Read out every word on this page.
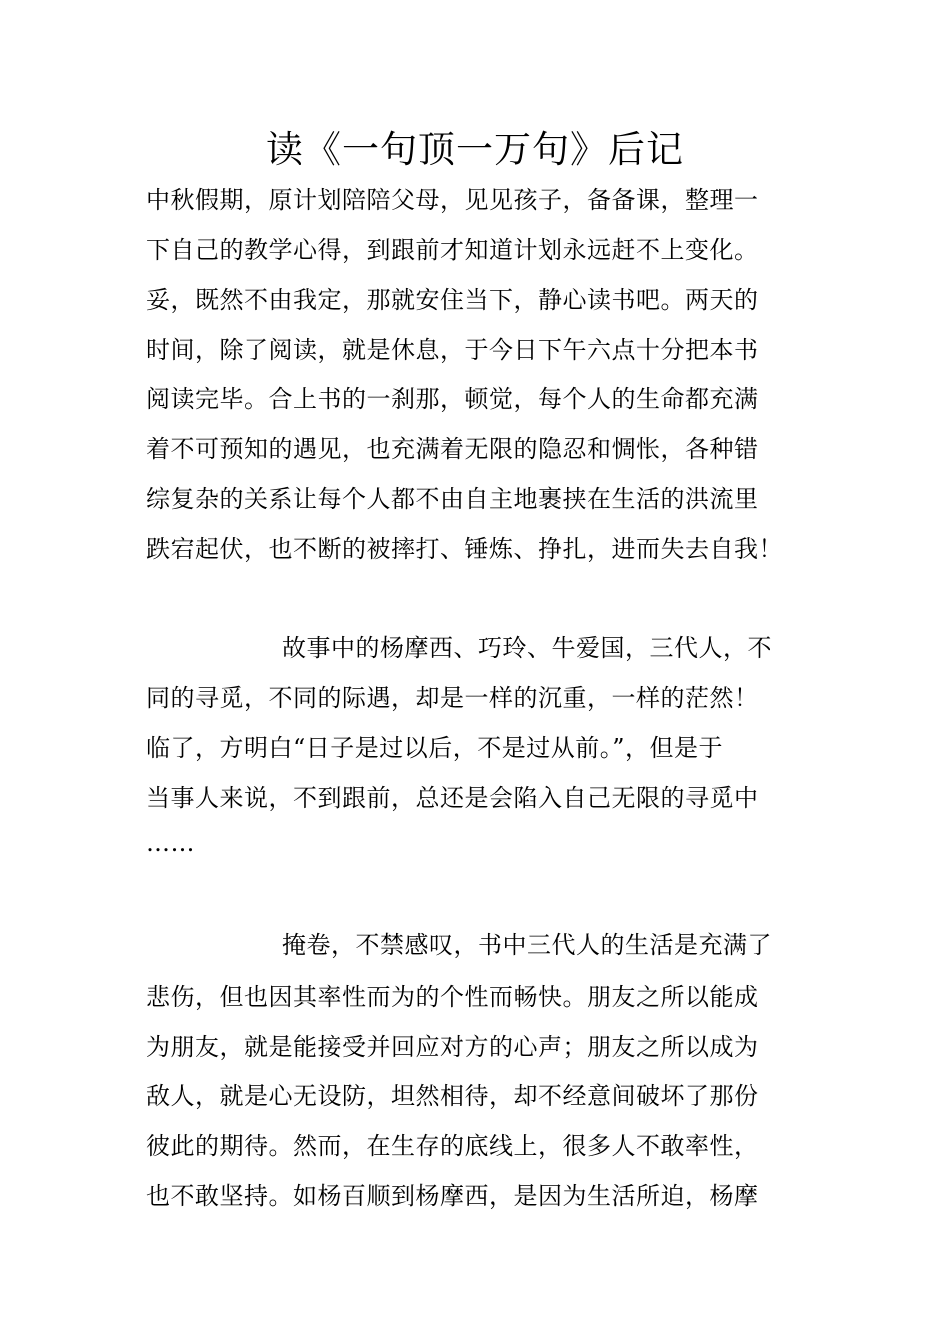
读《一句顶一万句》后记
中秋假期，原计划陪陪父母，见见孩子，备备课，整理一
下自己的教学心得，到跟前才知道计划永远赶不上变化。
妥，既然不由我定，那就安住当下，静心读书吧。两天的
时间，除了阅读，就是休息，于今日下午六点十分把本书
阅读完毕。合上书的一刹那，顿觉，每个人的生命都充满
着不可预知的遇见，也充满着无限的隐忍和惆怅，各种错
综复杂的关系让每个人都不由自主地裹挟在生活的洪流里
跌宕起伏，也不断的被摔打、锤炼、挣扎，进而失去自我！
故事中的杨摩西、巧玲、牛爱国，三代人，不
同的寻觅，不同的际遇，却是一样的沉重，一样的茫然！
临了，方明白“日子是过以后，不是过从前。”，但是于
当事人来说，不到跟前，总还是会陷入自己无限的寻觅中
……
掩卷，不禁感叹，书中三代人的生活是充满了
悲伤，但也因其率性而为的个性而畅快。朋友之所以能成
为朋友，就是能接受并回应对方的心声；朋友之所以成为
敌人，就是心无设防，坦然相待，却不经意间破坏了那份
彼此的期待。然而，在生存的底线上，很多人不敢率性，
也不敢坚持。如杨百顺到杨摩西，是因为生活所迫，杨摩
